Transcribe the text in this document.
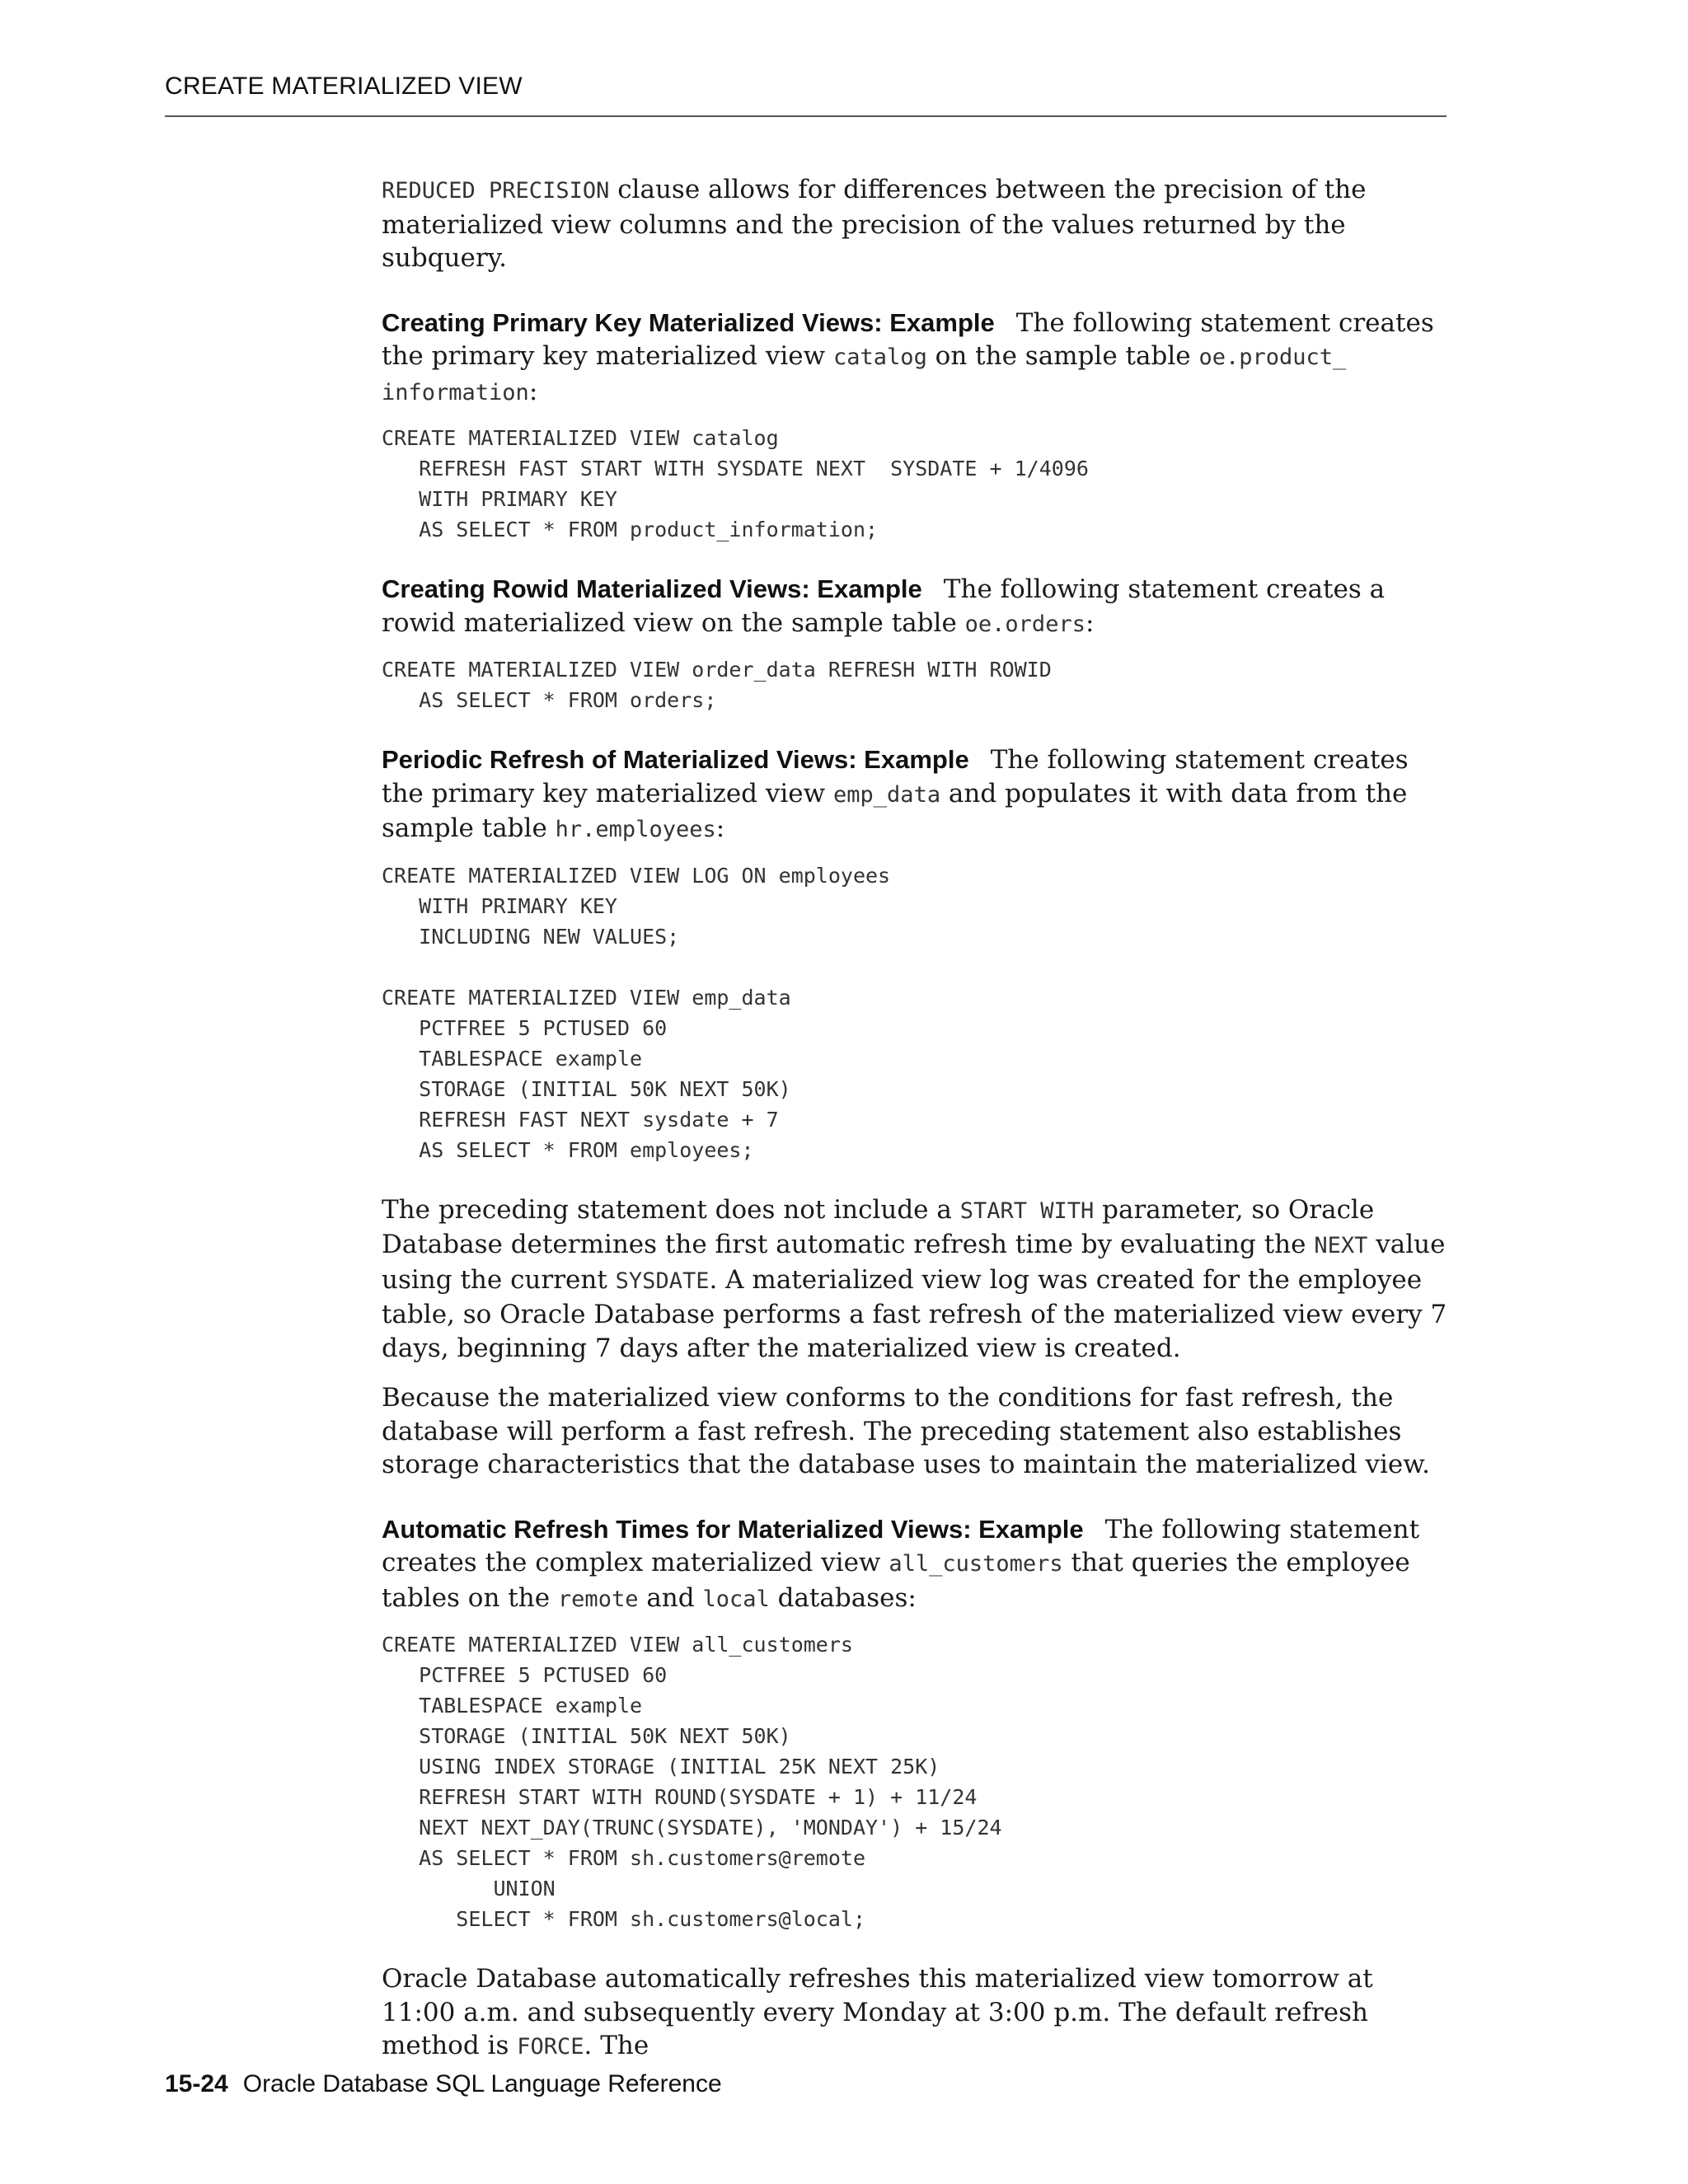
CREATE MATERIALIZED VIEW

REDUCED PRECISION clause allows for differences between the precision of the materialized view columns and the precision of the values returned by the subquery.

Creating Primary Key Materialized Views: Example The following statement creates the primary key materialized view catalog on the sample table oe.product_ information:

CREATE MATERIALIZED VIEW catalog
REFRESH FAST START WITH SYSDATE NEXT  SYSDATE + 1/4096
WITH PRIMARY KEY
AS SELECT * FROM product_information;

Creating Rowid Materialized Views: Example The following statement creates a rowid materialized view on the sample table oe.orders:

CREATE MATERIALIZED VIEW order_data REFRESH WITH ROWID
AS SELECT * FROM orders;

Periodic Refresh of Materialized Views: Example The following statement creates the primary key materialized view emp_data and populates it with data from the sample table hr.employees:

CREATE MATERIALIZED VIEW LOG ON employees
WITH PRIMARY KEY
INCLUDING NEW VALUES;

CREATE MATERIALIZED VIEW emp_data
PCTFREE 5 PCTUSED 60
TABLESPACE example
STORAGE (INITIAL 50K NEXT 50K)
REFRESH FAST NEXT sysdate + 7
AS SELECT * FROM employees;

The preceding statement does not include a START WITH parameter, so Oracle Database determines the first automatic refresh time by evaluating the NEXT value using the current SYSDATE. A materialized view log was created for the employee table, so Oracle Database performs a fast refresh of the materialized view every 7 days, beginning 7 days after the materialized view is created.

Because the materialized view conforms to the conditions for fast refresh, the database will perform a fast refresh. The preceding statement also establishes storage characteristics that the database uses to maintain the materialized view.

Automatic Refresh Times for Materialized Views: Example The following statement creates the complex materialized view all_customers that queries the employee tables on the remote and local databases:

CREATE MATERIALIZED VIEW all_customers
PCTFREE 5 PCTUSED 60
TABLESPACE example
STORAGE (INITIAL 50K NEXT 50K)
USING INDEX STORAGE (INITIAL 25K NEXT 25K)
REFRESH START WITH ROUND(SYSDATE + 1) + 11/24
NEXT NEXT_DAY(TRUNC(SYSDATE), 'MONDAY') + 15/24
AS SELECT * FROM sh.customers@remote
UNION
SELECT * FROM sh.customers@local;

Oracle Database automatically refreshes this materialized view tomorrow at 11:00 a.m. and subsequently every Monday at 3:00 p.m. The default refresh method is FORCE. The

15-24 Oracle Database SQL Language Reference
